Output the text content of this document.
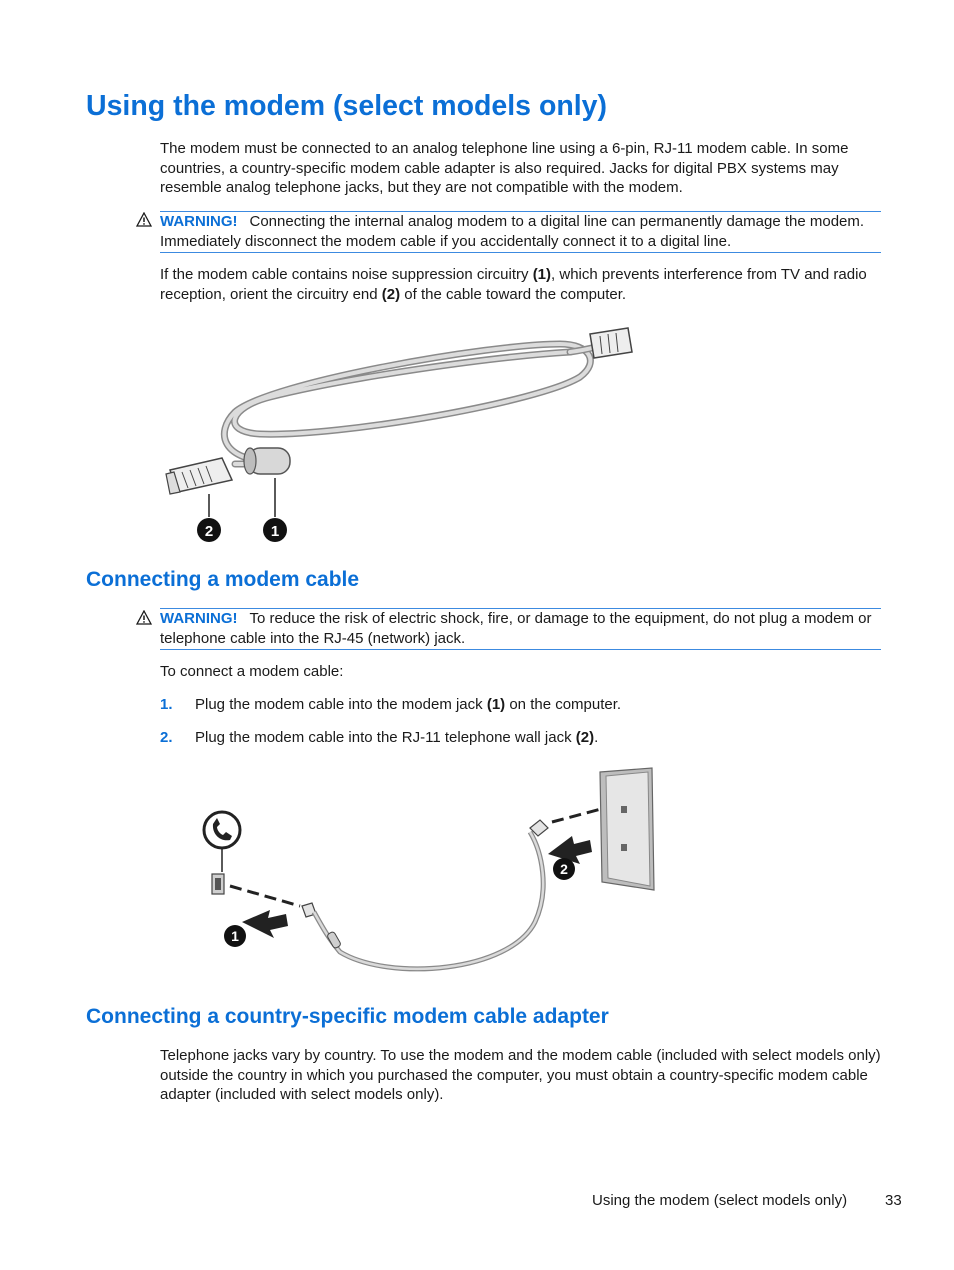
Using the modem (select models only)

The modem must be connected to an analog telephone line using a 6-pin, RJ-11 modem cable. In some countries, a country-specific modem cable adapter is also required. Jacks for digital PBX systems may resemble analog telephone jacks, but they are not compatible with the modem.

WARNING! Connecting the internal analog modem to a digital line can permanently damage the modem. Immediately disconnect the modem cable if you accidentally connect it to a digital line.

If the modem cable contains noise suppression circuitry (1), which prevents interference from TV and radio reception, orient the circuitry end (2) of the cable toward the computer.

2	1
Connecting a modem cable
WARNING! To reduce the risk of electric shock, fire, or damage to the equipment, do not plug a modem or telephone cable into the RJ-45 (network) jack.

To connect a modem cable:

1. Plug the modem cable into the modem jack (1) on the computer.
2. Plug the modem cable into the RJ-11 telephone wall jack (2).
1
2
Connecting a country-specific modem cable adapter

Telephone jacks vary by country. To use the modem and the modem cable (included with select models only) outside the country in which you purchased the computer, you must obtain a country-specific modem cable adapter (included with select models only).

Using the modem (select models only)	33
